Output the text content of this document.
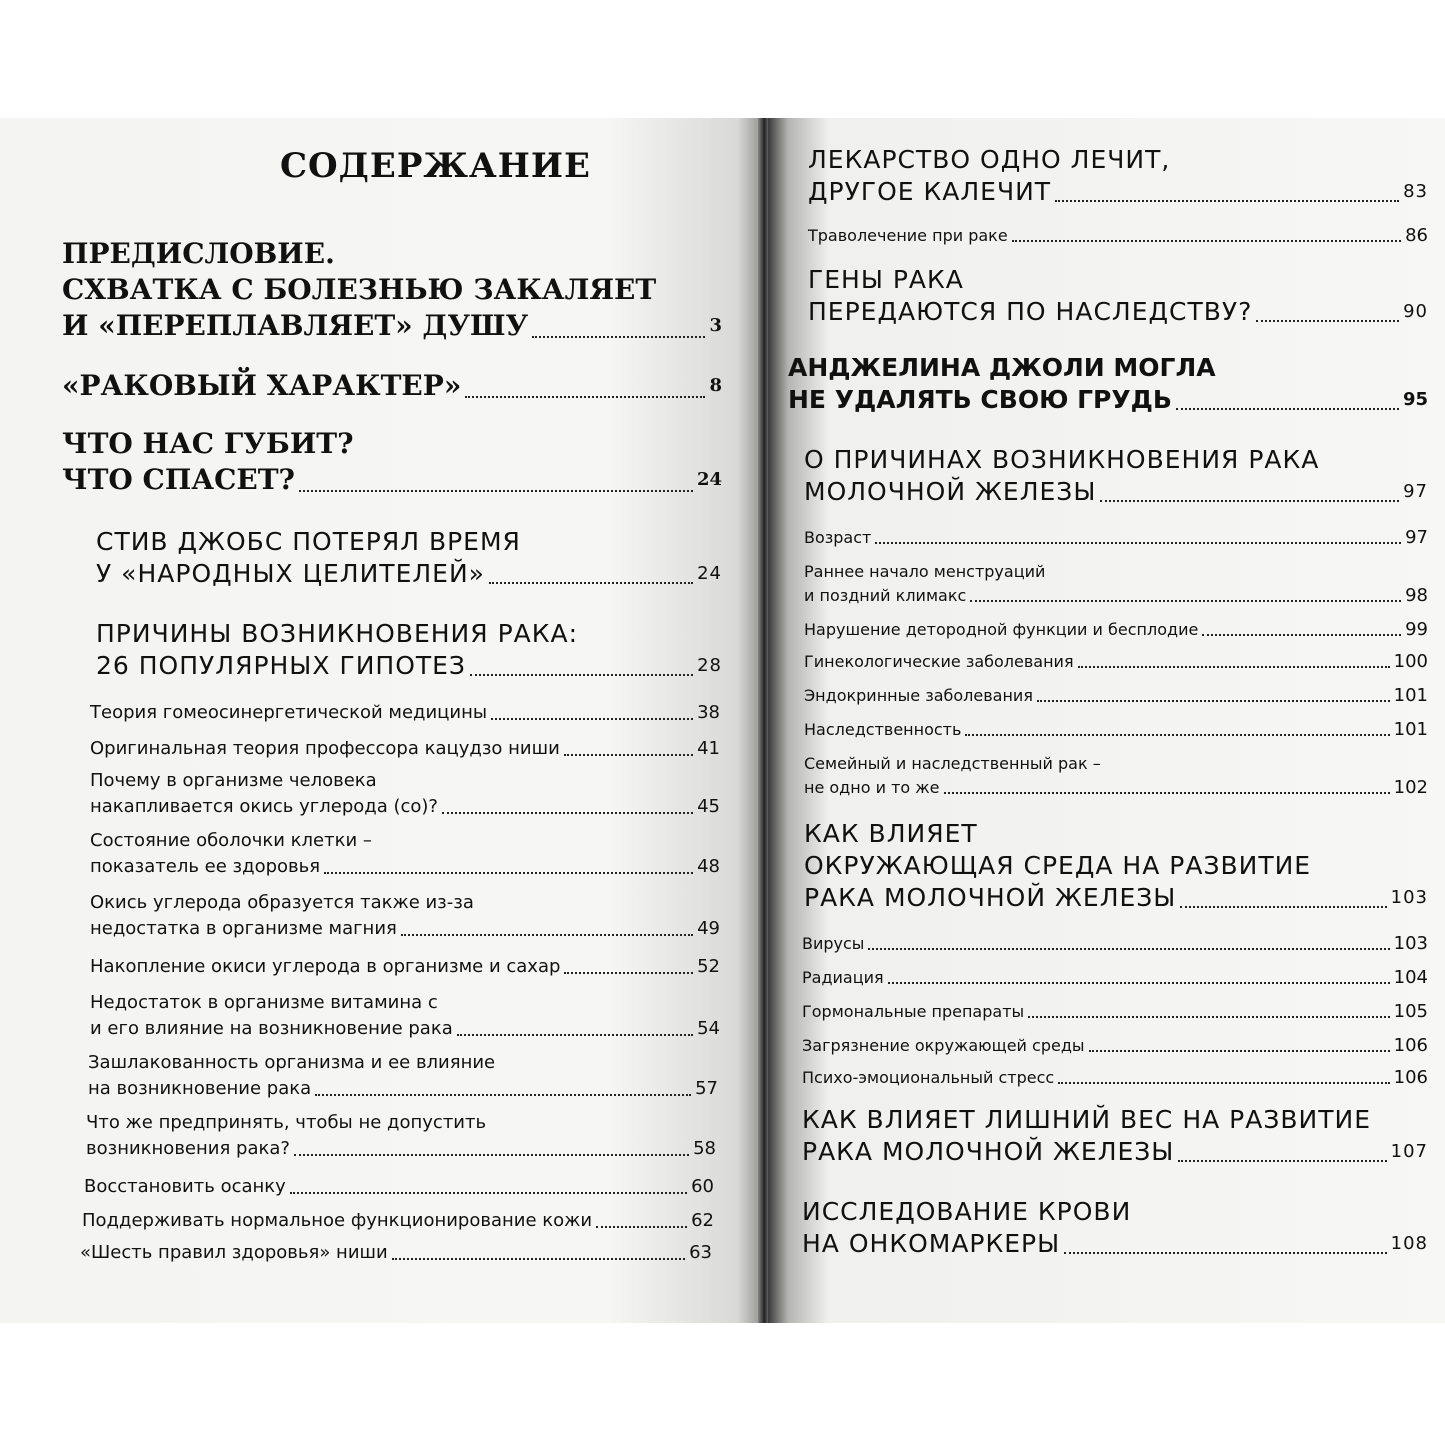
СОДЕРЖАНИЕ
ПРЕДИСЛОВИЕ.
СХВАТКА С БОЛЕЗНЬЮ ЗАКАЛЯЕТ
И «ПЕРЕПЛАВЛЯЕТ» ДУШУ	3
«РАКОВЫЙ ХАРАКТЕР»	8
ЧТО НАС ГУБИТ?
ЧТО СПАСЕТ?	24
СТИВ ДЖОБС ПОТЕРЯЛ ВРЕМЯ
У «НАРОДНЫХ ЦЕЛИТЕЛЕЙ»	24
ПРИЧИНЫ ВОЗНИКНОВЕНИЯ РАКА:
26 ПОПУЛЯРНЫХ ГИПОТЕЗ	28
Теория гомеосинергетической медицины	38
Оригинальная теория профессора кацудзо ниши	41
Почему в организме человека
накапливается окись углерода (со)?	45
Состояние оболочки клетки –
показатель ее здоровья	48
Окись углерода образуется также из-за
недостатка в организме магния	49
Накопление окиси углерода в организме и сахар	52
Недостаток в организме витамина с
и его влияние на возникновение рака	54
Зашлакованность организма и ее влияние
на возникновение рака	57
Что же предпринять, чтобы не допустить
возникновения рака?	58
Восстановить осанку	60
Поддерживать нормальное функционирование кожи	62
«Шесть правил здоровья» ниши	63
ЛЕКАРСТВО ОДНО ЛЕЧИТ,
ДРУГОЕ КАЛЕЧИТ	83
Траволечение при раке	86
ГЕНЫ РАКА
ПЕРЕДАЮТСЯ ПО НАСЛЕДСТВУ?	90
АНДЖЕЛИНА ДЖОЛИ МОГЛА
НЕ УДАЛЯТЬ СВОЮ ГРУДЬ	95
О ПРИЧИНАХ ВОЗНИКНОВЕНИЯ РАКА
МОЛОЧНОЙ ЖЕЛЕЗЫ	97
Возраст	97
Раннее начало менструаций
и поздний климакс	98
Нарушение детородной функции и бесплодие	99
Гинекологические заболевания	100
Эндокринные заболевания	101
Наследственность	101
Семейный и наследственный рак –
не одно и то же	102
КАК ВЛИЯЕТ
ОКРУЖАЮЩАЯ СРЕДА НА РАЗВИТИЕ
РАКА МОЛОЧНОЙ ЖЕЛЕЗЫ	103
Вирусы	103
Радиация	104
Гормональные препараты	105
Загрязнение окружающей среды	106
Психо-эмоциональный стресс	106
КАК ВЛИЯЕТ ЛИШНИЙ ВЕС НА РАЗВИТИЕ
РАКА МОЛОЧНОЙ ЖЕЛЕЗЫ	107
ИССЛЕДОВАНИЕ КРОВИ
НА ОНКОМАРКЕРЫ	108
